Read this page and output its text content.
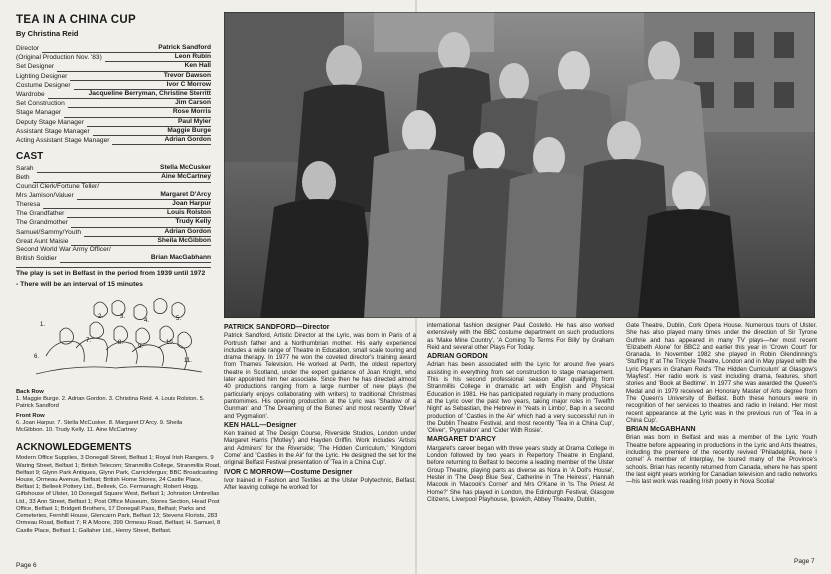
TEA IN A CHINA CUP
By Christina Reid
Director	Patrick Sandford
(Original Production Nov. '83)	Leon Rubin
Set Designer	Ken Hall
Lighting Designer	Trevor Dawson
Costume Designer	Ivor C Morrow
Wardrobe	Jacqueline Berryman, Christine Sterritt
Set Construction	Jim Carson
Stage Manager	Rose Morris
Deputy Stage Manager	Paul Myler
Assistant Stage Manager	Maggie Burge
Acting Assistant Stage Manager	Adrian Gordon
CAST
Sarah	Stella McCusker
Beth	Aine McCartney
Council Clerk/Fortune Teller/
Mrs Jamison/Valuer	Margaret D'Arcy
Theresa	Joan Harpur
The Grandfather	Louis Rolston
The Grandmother	Trudy Kelly
Samuel/Sammy/Youth	Adrian Gordon
Great Aunt Maisie	Sheila McGibbon
Second World War Army Officer/
British Soldier	Brian MacGabhann
The play is set in Belfast in the period from 1939 until 1972
- There will be an interval of 15 minutes
1.
2.	3.
4.	5.
6.
7.	8.
9.
10.
11.
Back Row
1. Maggie Burge. 2. Adrian Gordon. 3. Christina Reid. 4. Louis Rolston. 5. Patrick Sandford
Front Row
6. Joan Harpur. 7. Stella McCusker. 8. Margaret D'Arcy. 9. Sheila McGibbon. 10. Trudy Kelly. 11. Aine McCartney
ACKNOWLEDGEMENTS
Modern Office Supplies, 3 Donegall Street, Belfast 1; Royal Irish Rangers, 9 Waring Street, Belfast 1; British Telecom; Stranmillis College, Stranmillis Road, Belfast 9; Glynn Park Antiques, Glynn Park, Carrickfergus; BBC Broadcasting House, Ormeau Avenue, Belfast; British Home Stores, 24 Castle Place, Belfast 1; Belleek Pottery Ltd., Belleek, Co. Fermanagh; Robert Hogg, Giftshouse of Ulster, 10 Donegall Square West, Belfast 1; Johnston Umbrellas Ltd., 33 Ann Street, Belfast 1; Post Office Museum, Stores Section, Head Post Office, Belfast 1; Bridgett Brothers, 17 Donegall Pass, Belfast; Parks and Cemeteries, Fernhill House, Glencairn Park, Belfast 13; Stevens Florists, 283 Ormeau Road, Belfast 7; R A Moore, 399 Ormeau Road, Belfast; H. Samuel, 8 Castle Place, Belfast 1; Gallaher Ltd., Henry Street, Belfast.
Page 6
Page 7
PATRICK SANDFORD—Director

Patrick Sandford, Artistic Director at the Lyric, was born in Paris of a Portrush father and a Northumbrian mother. His early experience includes a wide range of Theatre in Education, small scale touring and drama therapy. In 1977 he won the coveted director's training award from Thames Television. He worked at Perth, the oldest repertory theatre in Scotland, under the expert guidance of Joan Knight, who later appointed him her associate. Since then he has directed almost 40 productions ranging from a large number of new plays (he particularly enjoys collaborating with writers) to traditional Christmas pantomimes. His opening production at the Lyric was 'Shadow of a Gunman' and 'The Dreaming of the Bones' and most recently 'Oliver' and 'Pygmalion'.

KEN HALL—Designer

Ken trained at The Design Course, Riverside Studios, London under Margaret Harris ('Motley') and Hayden Griffin. Work includes 'Artists and Admirers' for the Riverside; 'The Hidden Curriculum,' 'Kingdom Come' and 'Castles in the Air' for the Lyric. He designed the set for the original Belfast Festival presentation of 'Tea in a China Cup'.

IVOR C MORROW—Costume Designer

Ivor trained in Fashion and Textiles at the Ulster Polytechnic, Belfast. After leaving college he worked for

international fashion designer Paul Costello. He has also worked extensively with the BBC costume department on such productions as 'Make Mine Country', 'A Coming To Terms For Billy' by Graham Reid and several other Plays For Today.

ADRIAN GORDON

Adrian has been associated with the Lyric for around five years assisting in everything from set construction to stage management. This is his second professional season after qualifying from Stranmillis College in dramatic art with English and Physical Education in 1981. He has participated regularly in many productions at the Lyric over the past two years, taking major roles in 'Twelfth Night' as Sebastian, the Hebrew in 'Yeats in Limbo', Bap in a second production of 'Castles in the Air' which had a very successful run in the Dublin Theatre Festival, and most recently 'Tea in a China Cup', 'Oliver', 'Pygmalion' and 'Cider With Rosie'.

MARGARET D'ARCY

Margaret's career began with three years study at Drama College in London followed by two years in Repertory Theatre in England, before returning to Belfast to become a leading member of the Ulster Group Theatre, playing parts as diverse as Nora in 'A Doll's House', Hester in 'The Deep Blue Sea', Catherine in 'The Heiress', Hannah Macook in 'Macook's Corner' and Mrs O'Kane in 'Is The Priest At Home?' She has played in London, the Edinburgh Festival, Glasgow Citizens, Liverpool Playhouse, Ipswich, Abbey Theatre, Dublin,

Gate Theatre, Dublin, Cork Opera House. Numerous tours of Ulster. She has also played many times under the direction of Sir Tyrone Guthrie and has appeared in many TV plays—her most recent 'Elizabeth Alone' for BBC2 and earlier this year in 'Crown Court' for Granada. In November 1982 she played in Robin Glendinning's 'Stuffing It' at The Tricycle Theatre, London and in May played with the Lyric Players in Graham Reid's 'The Hidden Curriculum' at Glasgow's 'Mayfest'. Her radio work is vast including drama, features, short stories and 'Book at Bedtime'. In 1977 she was awarded the Queen's Medal and in 1979 received an Honorary Master of Arts degree from The Queen's University of Belfast. Both these honours were in recognition of her services to theatres and radio in Ireland. Her most recent appearance at the Lyric was in the previous run of 'Tea in a China Cup'.

BRIAN McGABHANN

Brian was born in Belfast and was a member of the Lyric Youth Theatre before appearing in productions in the Lyric and Arts theatres, including the premiere of the recently revived 'Philadelphia, here I come!' A member of Interplay, he toured many of the Province's schools. Brian has recently returned from Canada, where he has spent the last eight years working for Canadian television and radio networks—his last work was reading Irish poetry in Nova Scotia!
